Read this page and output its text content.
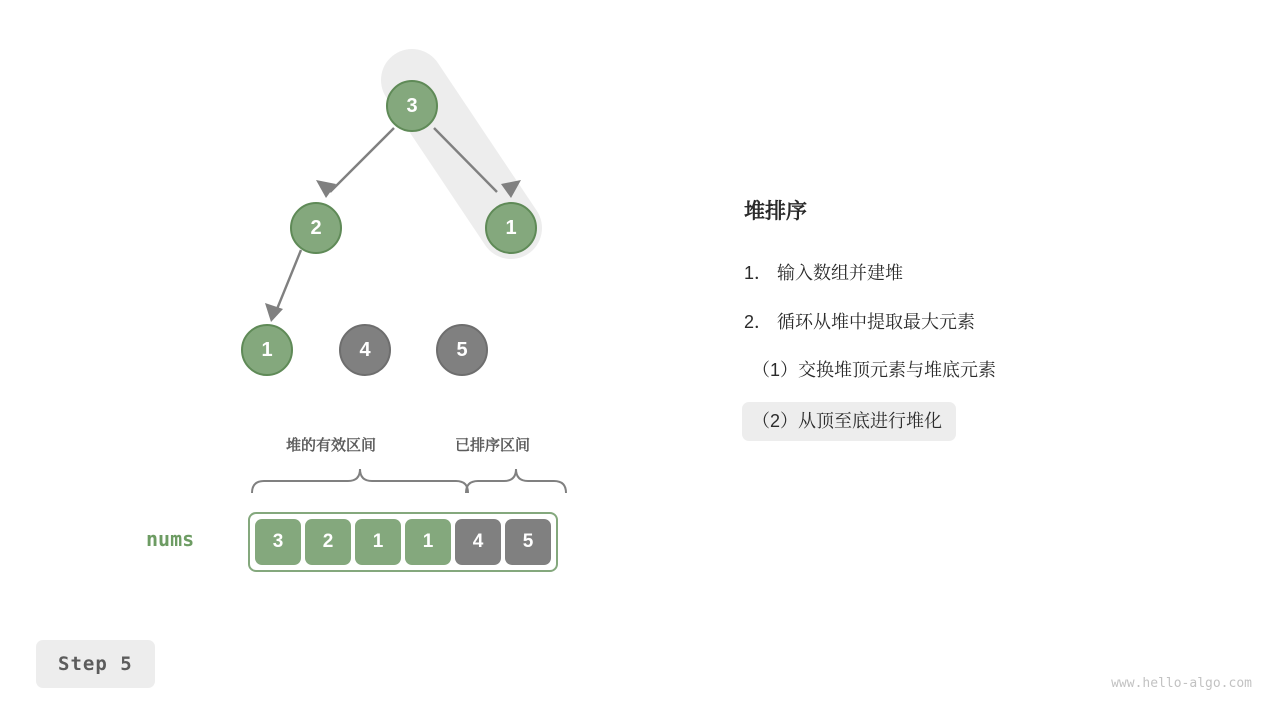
3
2	1
1	4	5
堆的有效区间	已排序区间
nums	3 2 1 1 4 5
堆排序
1． 输入数组并建堆
2． 循环从堆中提取最大元素
（1）交换堆顶元素与堆底元素
（2）从顶至底进行堆化
Step 5
www.hello-algo.com
